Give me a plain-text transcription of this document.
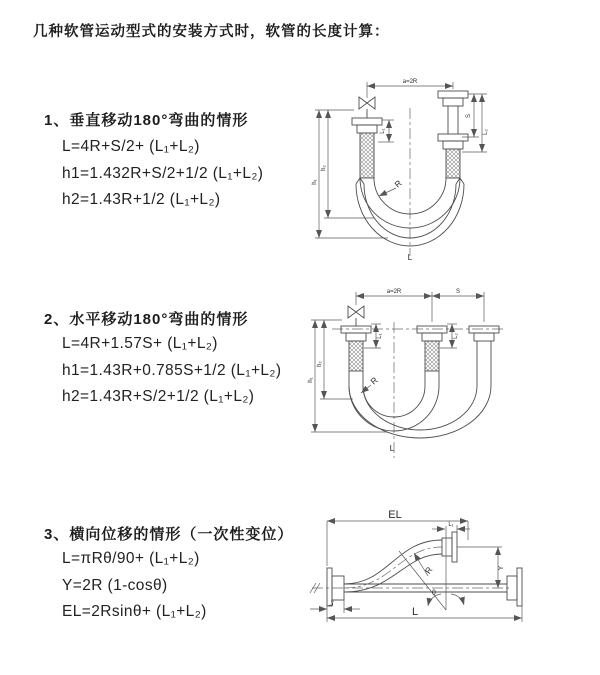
几种软管运动型式的安装方式时，软管的长度计算：
1、垂直移动180°弯曲的情形
L=4R+S/2+ (L₁+L₂)
h1=1.432R+S/2+1/2 (L₁+L₂)
h2=1.43R+1/2 (L₁+L₂)
2、水平移动180°弯曲的情形
L=4R+1.57S+ (L₁+L₂)
h1=1.43R+0.785S+1/2 (L₁+L₂)
h2=1.43R+S/2+1/2 (L₁+L₂)
3、横向位移的情形（一次性变位）
L=πRθ/90+ (L₁+L₂)
Y=2R (1-cosθ)
EL=2Rsinθ+ (L₁+L₂)
a=2R
L₁
S
L₂
h₂
h₁	R
L
a=2R	S
L₁	L₂
h₂
h₁	R
L
θ
R
EL
L₁
Y
L₂
L
